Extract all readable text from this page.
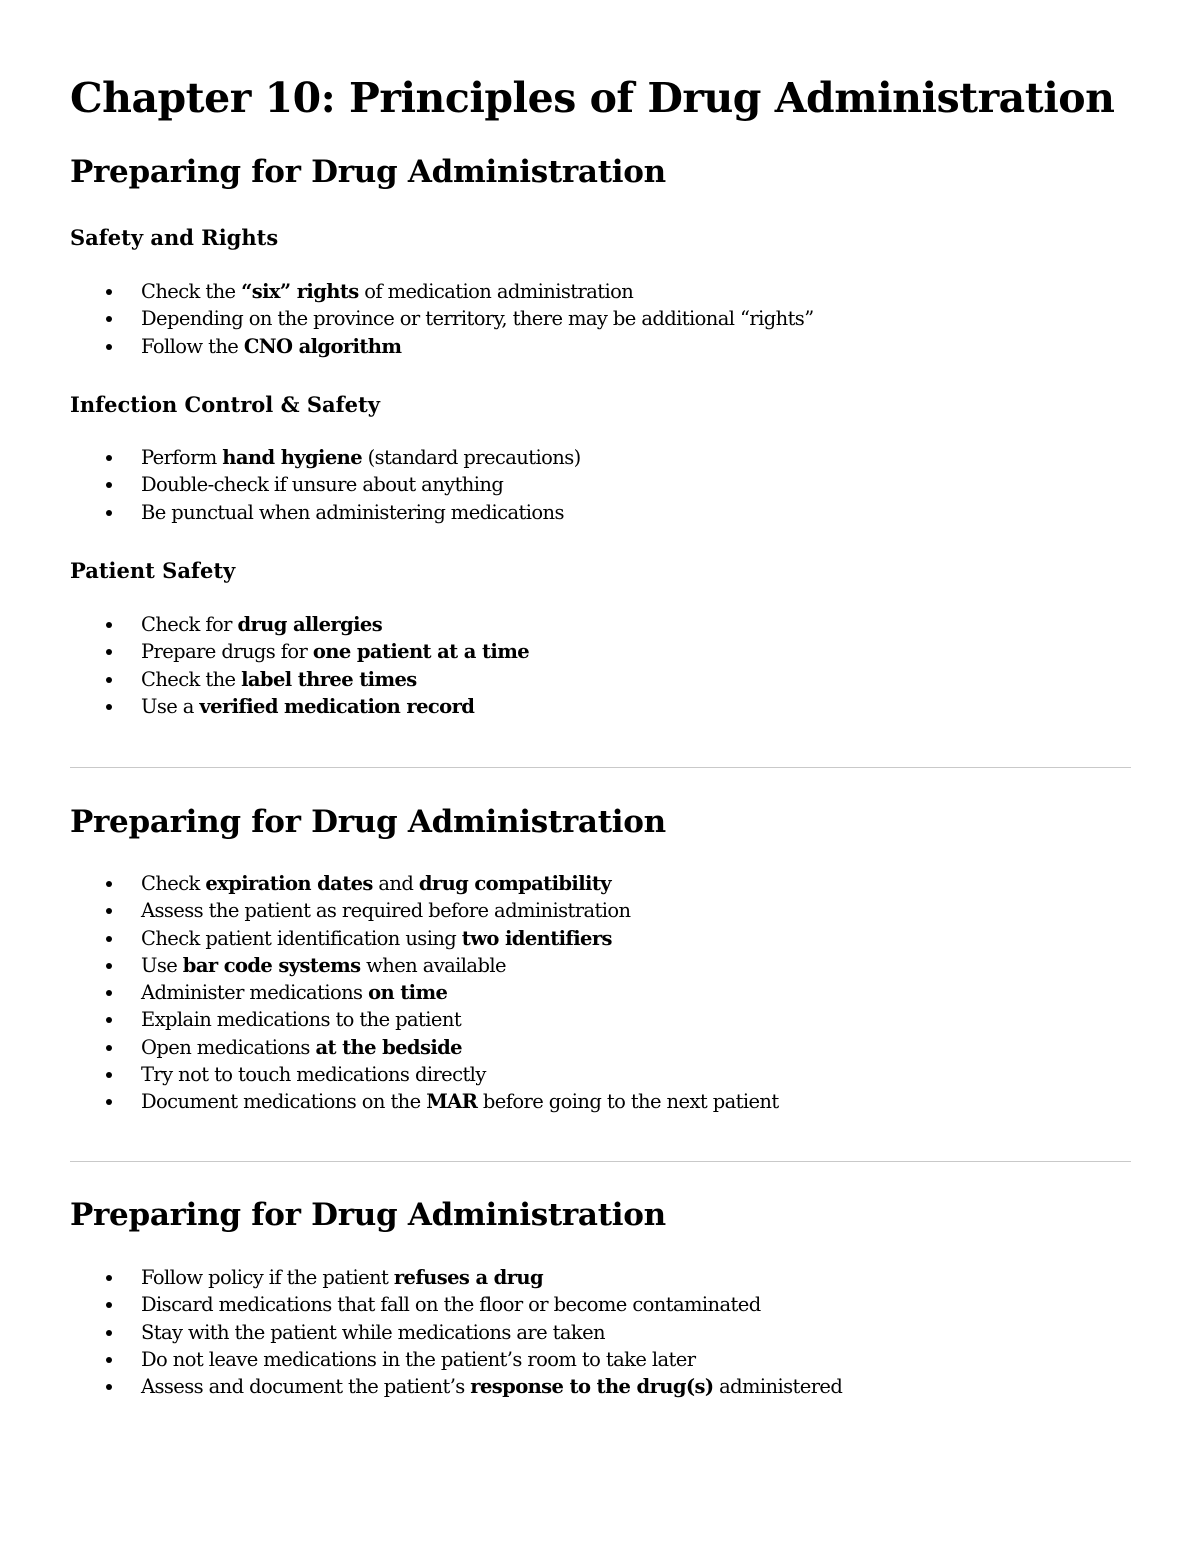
Chapter 10: Principles of Drug Administration
Preparing for Drug Administration
Safety and Rights
Check the “six” rights of medication administration
Depending on the province or territory, there may be additional “rights”
Follow the CNO algorithm
Infection Control & Safety
Perform hand hygiene (standard precautions)
Double-check if unsure about anything
Be punctual when administering medications
Patient Safety
Check for drug allergies
Prepare drugs for one patient at a time
Check the label three times
Use a verified medication record
Preparing for Drug Administration
Check expiration dates and drug compatibility
Assess the patient as required before administration
Check patient identification using two identifiers
Use bar code systems when available
Administer medications on time
Explain medications to the patient
Open medications at the bedside
Try not to touch medications directly
Document medications on the MAR before going to the next patient
Preparing for Drug Administration
Follow policy if the patient refuses a drug
Discard medications that fall on the floor or become contaminated
Stay with the patient while medications are taken
Do not leave medications in the patient’s room to take later
Assess and document the patient’s response to the drug(s) administered
